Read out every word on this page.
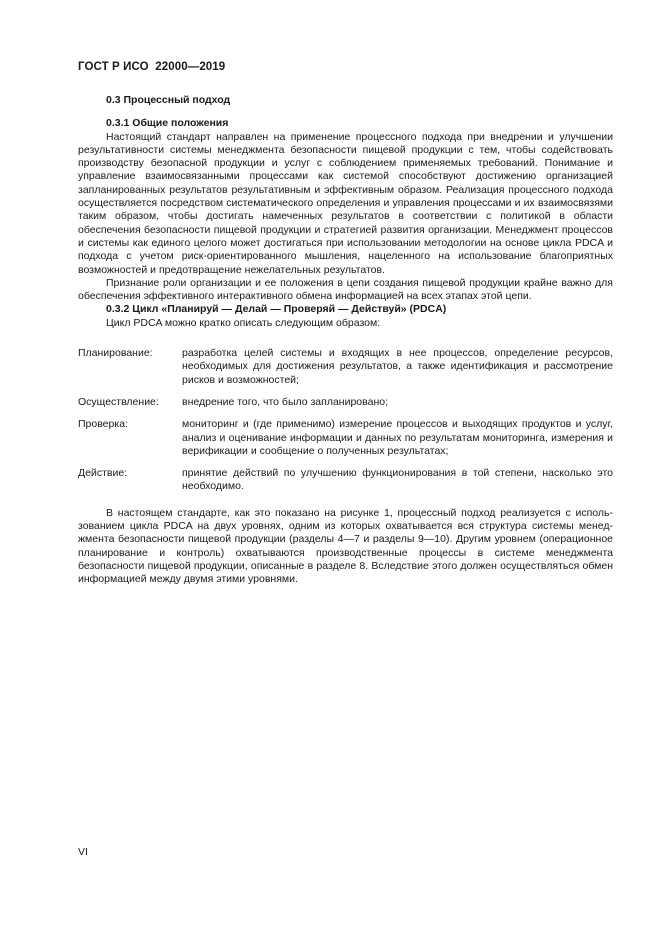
ГОСТ Р ИСО  22000—2019

0.3 Процессный подход

0.3.1 Общие положения

Настоящий стандарт направлен на применение процессного подхода при внедрении и улучшении результативности системы менеджмента безопасности пищевой продукции с тем, чтобы содействовать производству безопасной продукции и услуг с соблюдением применяемых требований. Понимание и управление взаимосвязанными процессами как системой способствуют достижению организацией запланированных результатов результативным и эффективным образом. Реализация процессного подхода осуществляется посредством систематического определения и управления процессами и их взаимосвязями таким образом, чтобы достигать намеченных результатов в соответствии с политикой в области обеспечения безопасности пищевой продукции и стратегией развития организации. Менеджмент процессов и системы как единого целого может достигаться при использовании методологии на основе цикла PDCA и подхода с учетом риск-ориентированного мышления, нацеленного на использование благоприятных возможностей и предотвращение нежелательных результатов.

Признание роли организации и ее положения в цепи создания пищевой продукции крайне важно для обеспечения эффективного интерактивного обмена информацией на всех этапах этой цепи.

0.3.2 Цикл «Планируй — Делай — Проверяй — Действуй» (PDCA)

Цикл PDCA можно кратко описать следующим образом:

Планирование:	разработка целей системы и входящих в нее процессов, определение ресурсов, необходимых для достижения результатов, а также идентификация и рассмотрение рисков и возможностей;
Осуществление:	внедрение того, что было запланировано;
Проверка:	мониторинг и (где применимо) измерение процессов и выходящих продуктов и услуг, анализ и оценивание информации и данных по результатам мониторинга, измерения и верификации и сообщение о полученных результатах;
Действие:	принятие действий по улучшению функционирования в той степени, насколько это необходимо.

В настоящем стандарте, как это показано на рисунке 1, процессный подход реализуется с использованием цикла PDCA на двух уровнях, одним из которых охватывается вся структура системы менеджмента безопасности пищевой продукции (разделы 4—7 и разделы 9—10). Другим уровнем (операционное планирование и контроль) охватываются производственные процессы в системе менеджмента безопасности пищевой продукции, описанные в разделе 8. Вследствие этого должен осуществляться обмен информацией между двумя этими уровнями.

VI
